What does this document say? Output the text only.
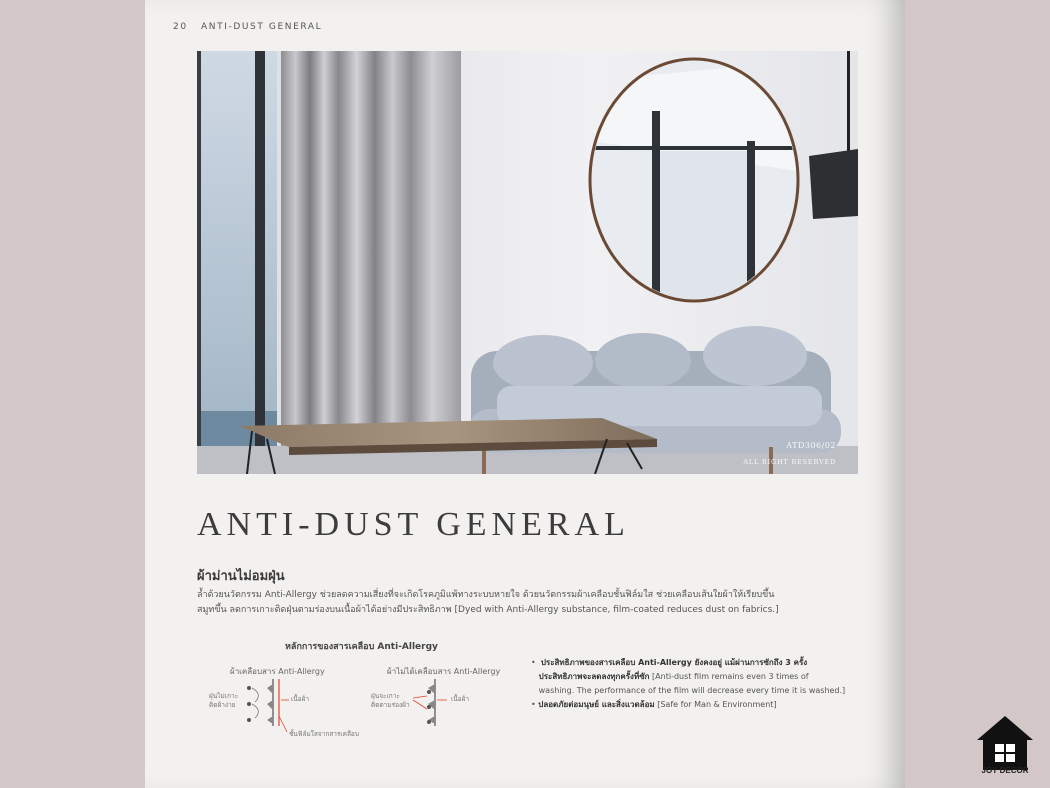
20 ANTI-DUST GENERAL
ATD306/02
ALL RIGHT RESERVED
ANTI-DUST GENERAL
ผ้าม่านไม่อมฝุ่น
ล้ำด้วยนวัตกรรม Anti-Allergy ช่วยลดความเสี่ยงที่จะเกิดโรคภูมิแพ้ทางระบบหายใจ ด้วยนวัตกรรมผ้าเคลือบชั้นฟิล์มใส ช่วยเคลือบเส้นใยผ้าให้เรียบขึ้น
สมูทขึ้น ลดการเกาะติดฝุ่นตามร่องบนเนื้อผ้าได้อย่างมีประสิทธิภาพ [Dyed with Anti-Allergy substance, film-coated reduces dust on fabrics.]
หลักการของสารเคลือบ Anti-Allergy
ผ้าเคลือบสาร Anti-Allergy	ผ้าไม่ได้เคลือบสาร Anti-Allergy
ฝุ่นไม่เกาะ
ติดผ้าง่าย
เนื้อผ้า
ชั้นฟิล์มใสจากสารเคลือบ
ฝุ่นจะเกาะ
ติดตามร่องผ้า
เนื้อผ้า
•  ประสิทธิภาพของสารเคลือบ Anti-Allergy ยังคงอยู่ แม้ผ่านการซักถึง 3 ครั้ง
ประสิทธิภาพจะลดลงทุกครั้งที่ซัก [Anti-dust film remains even 3 times of
washing. The performance of the film will decrease every time it is washed.]
• ปลอดภัยต่อมนุษย์ และสิ่งแวดล้อม [Safe for Man & Environment]
JOY DECOR
